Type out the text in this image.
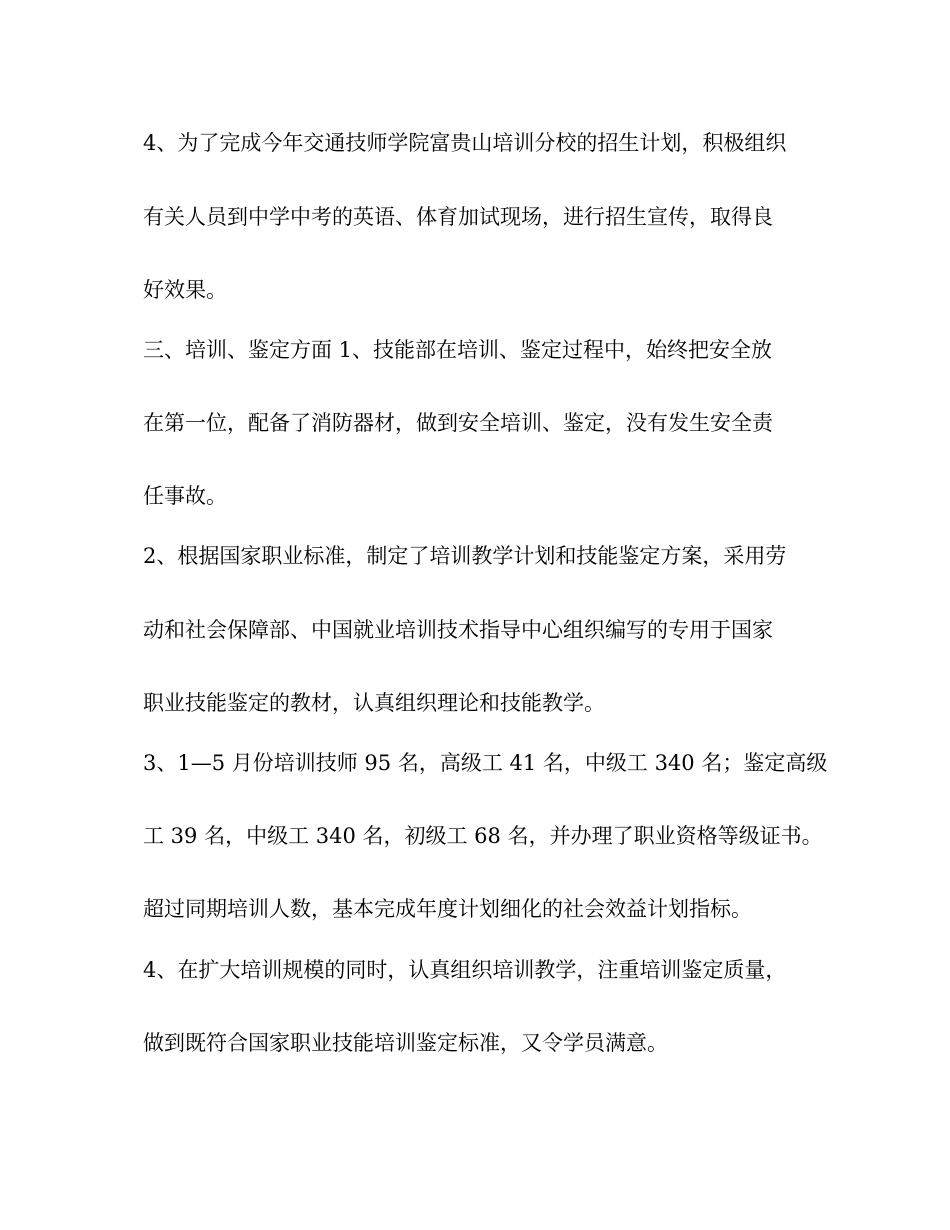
4、为了完成今年交通技师学院富贵山培训分校的招生计划，积极组织
有关人员到中学中考的英语、体育加试现场，进行招生宣传，取得良
好效果。
三、培训、鉴定方面 1、技能部在培训、鉴定过程中，始终把安全放
在第一位，配备了消防器材，做到安全培训、鉴定，没有发生安全责
任事故。
2、根据国家职业标准，制定了培训教学计划和技能鉴定方案，采用劳
动和社会保障部、中国就业培训技术指导中心组织编写的专用于国家
职业技能鉴定的教材，认真组织理论和技能教学。
3、1—5 月份培训技师 95 名，高级工 41 名，中级工 340 名；鉴定高级
工 39 名，中级工 340 名，初级工 68 名，并办理了职业资格等级证书。
超过同期培训人数，基本完成年度计划细化的社会效益计划指标。
4、在扩大培训规模的同时，认真组织培训教学，注重培训鉴定质量，
做到既符合国家职业技能培训鉴定标准，又令学员满意。
